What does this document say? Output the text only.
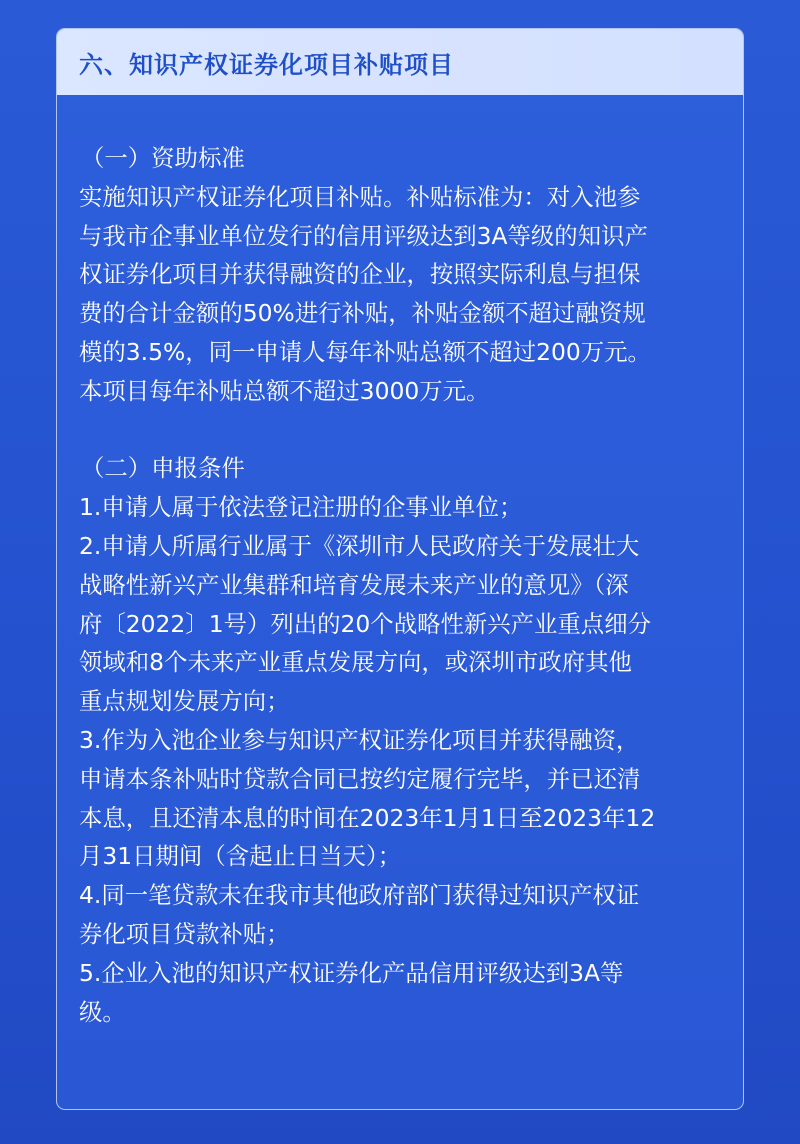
六、知识产权证券化项目补贴项目

（一）资助标准

实施知识产权证券化项目补贴。补贴标准为：对入池参
与我市企事业单位发行的信用评级达到3A等级的知识产
权证券化项目并获得融资的企业，按照实际利息与担保
费的合计金额的50%进行补贴，补贴金额不超过融资规
模的3.5%，同一申请人每年补贴总额不超过200万元。
本项目每年补贴总额不超过3000万元。

（二）申报条件

1.申请人属于依法登记注册的企事业单位；
2.申请人所属行业属于《深圳市人民政府关于发展壮大
战略性新兴产业集群和培育发展未来产业的意见》（深
府〔2022〕1号）列出的20个战略性新兴产业重点细分
领域和8个未来产业重点发展方向，或深圳市政府其他
重点规划发展方向；
3.作为入池企业参与知识产权证券化项目并获得融资，
申请本条补贴时贷款合同已按约定履行完毕，并已还清
本息，且还清本息的时间在2023年1月1日至2023年12
月31日期间（含起止日当天）；
4.同一笔贷款未在我市其他政府部门获得过知识产权证
券化项目贷款补贴；
5.企业入池的知识产权证券化产品信用评级达到3A等
级。
